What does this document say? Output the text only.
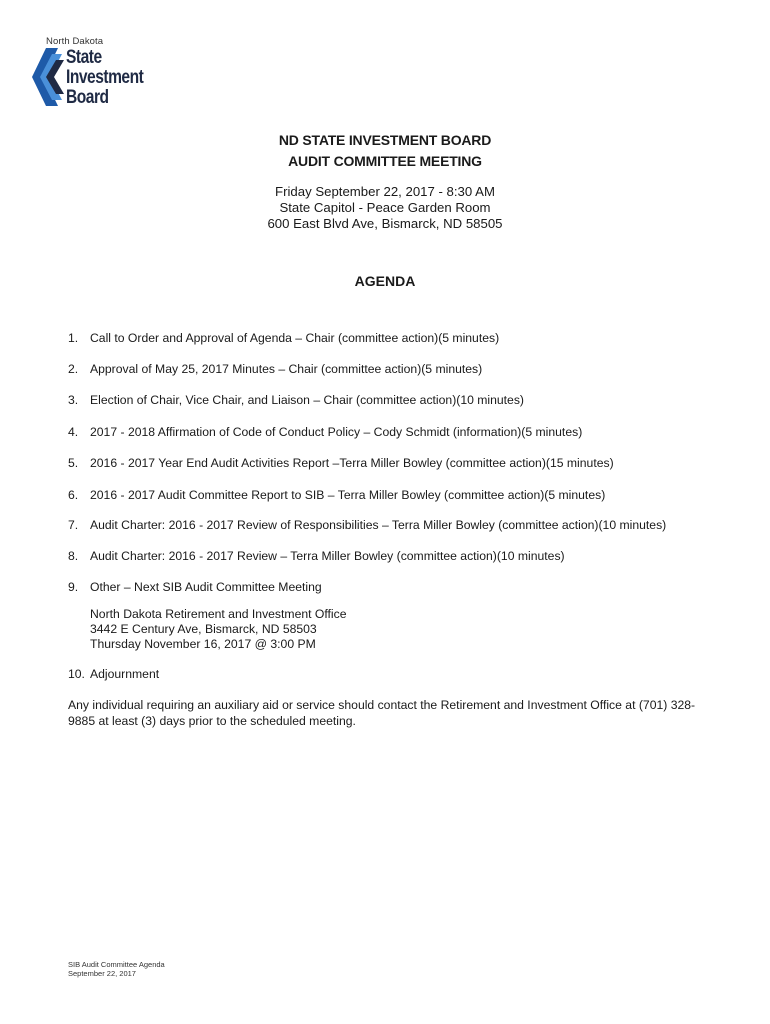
North Dakota
State
Investment
Board
ND STATE INVESTMENT BOARD
AUDIT COMMITTEE MEETING
Friday September 22, 2017 - 8:30 AM
State Capitol - Peace Garden Room
600 East Blvd Ave, Bismarck, ND 58505
AGENDA
1. Call to Order and Approval of Agenda – Chair (committee action)(5 minutes)
2. Approval of May 25, 2017 Minutes – Chair (committee action)(5 minutes)
3. Election of Chair, Vice Chair, and Liaison – Chair (committee action)(10 minutes)
4. 2017 - 2018 Affirmation of Code of Conduct Policy – Cody Schmidt (information)(5 minutes)
5. 2016 - 2017 Year End Audit Activities Report –Terra Miller Bowley (committee action)(15 minutes)
6. 2016 - 2017 Audit Committee Report to SIB – Terra Miller Bowley (committee action)(5 minutes)
7. Audit Charter: 2016 - 2017 Review of Responsibilities – Terra Miller Bowley (committee action)(10 minutes)
8. Audit Charter: 2016 - 2017 Review – Terra Miller Bowley (committee action)(10 minutes)
9. Other – Next SIB Audit Committee Meeting
North Dakota Retirement and Investment Office
3442 E Century Ave, Bismarck, ND 58503
Thursday November 16, 2017 @ 3:00 PM
10. Adjournment
Any individual requiring an auxiliary aid or service should contact the Retirement and Investment Office at (701) 328-9885 at least (3) days prior to the scheduled meeting.
SIB Audit Committee Agenda
September 22, 2017
